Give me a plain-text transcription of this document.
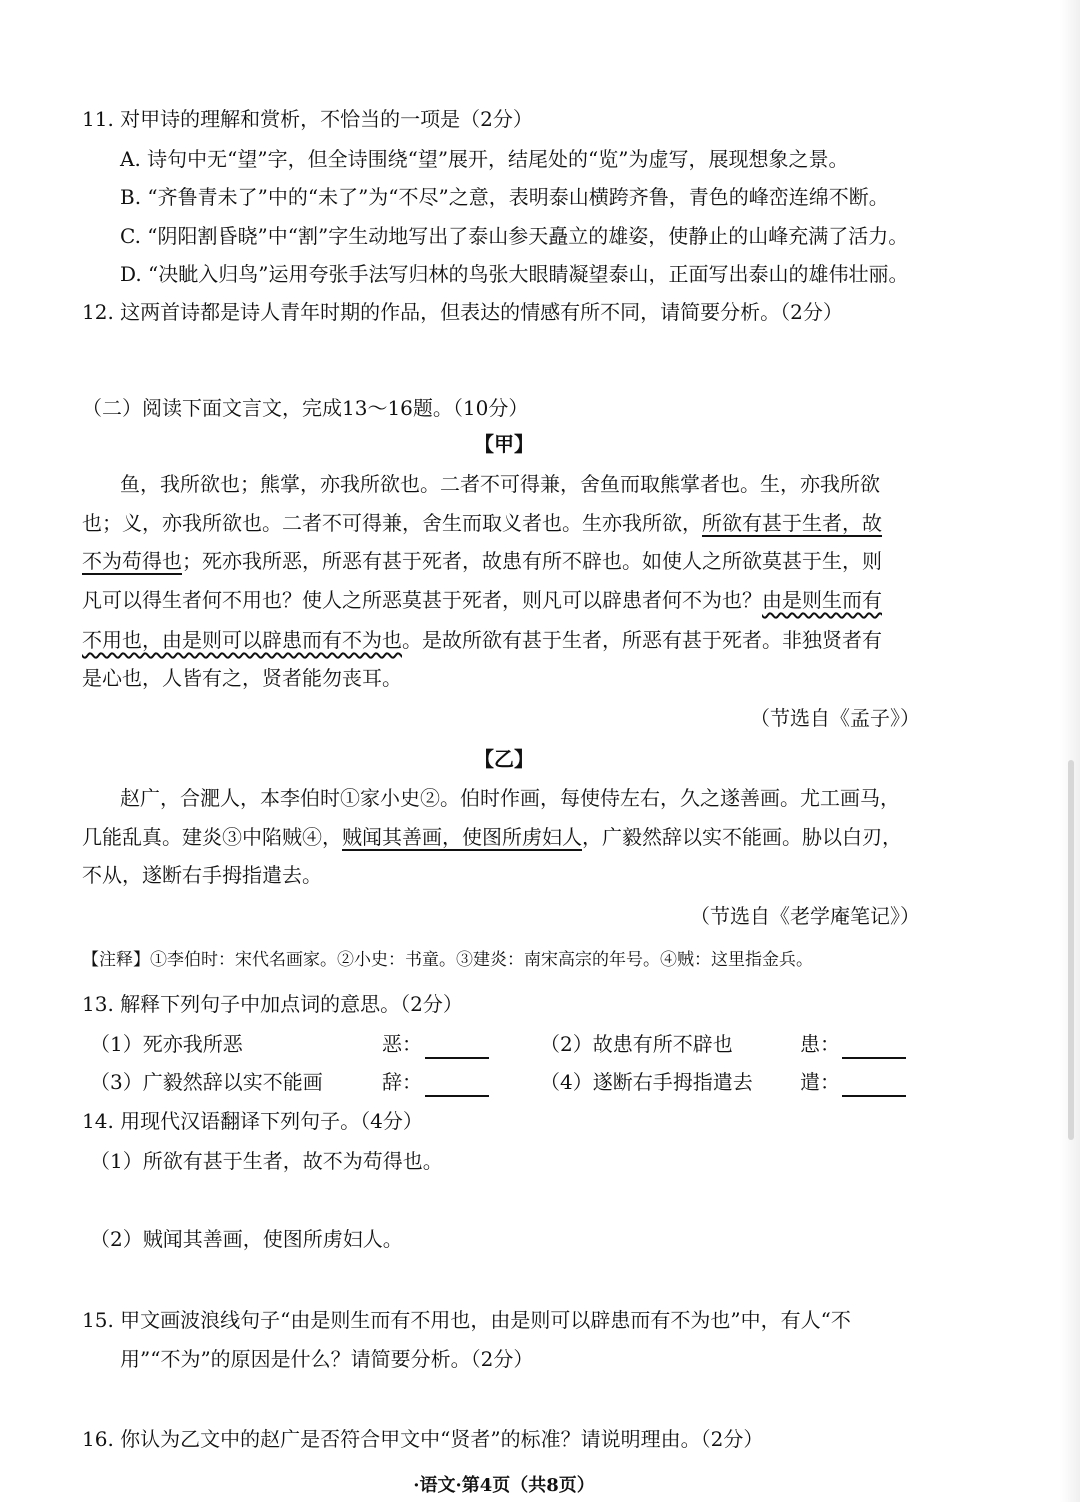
11. 对甲诗的理解和赏析，不恰当的一项是（2分）
A. 诗句中无“望”字，但全诗围绕“望”展开，结尾处的“览”为虚写，展现想象之景。
B. “齐鲁青未了”中的“未了”为“不尽”之意，表明泰山横跨齐鲁，青色的峰峦连绵不断。
C. “阴阳割昏晓”中“割”字生动地写出了泰山参天矗立的雄姿，使静止的山峰充满了活力。
D. “决眦入归鸟”运用夸张手法写归林的鸟张大眼睛凝望泰山，正面写出泰山的雄伟壮丽。
12. 这两首诗都是诗人青年时期的作品，但表达的情感有所不同，请简要分析。（2分）
（二）阅读下面文言文，完成13～16题。（10分）
【甲】
鱼，我所欲也；熊掌，亦我所欲也。二者不可得兼，舍鱼而取熊掌者也。生，亦我所欲
也；义，亦我所欲也。二者不可得兼，舍生而取义者也。生亦我所欲，所欲有甚于生者，故
不为苟得也；死亦我所恶，所恶有甚于死者，故患有所不辟也。如使人之所欲莫甚于生，则
凡可以得生者何不用也？使人之所恶莫甚于死者，则凡可以辟患者何不为也？由是则生而有
不用也，由是则可以辟患而有不为也。是故所欲有甚于生者，所恶有甚于死者。非独贤者有
是心也，人皆有之，贤者能勿丧耳。
（节选自《孟子》）
【乙】
赵广，合淝人，本李伯时①家小史②。伯时作画，每使侍左右，久之遂善画。尤工画马，
几能乱真。建炎③中陷贼④，贼闻其善画，使图所虏妇人，广毅然辞以实不能画。胁以白刃，
不从，遂断右手拇指遣去。
（节选自《老学庵笔记》）
【注释】①李伯时：宋代名画家。②小史：书童。③建炎：南宋高宗的年号。④贼：这里指金兵。
13. 解释下列句子中加点词的意思。（2分）
（1）死亦我所恶	恶：	（2）故患有所不辟也	患：
（3）广毅然辞以实不能画	辞：	（4）遂断右手拇指遣去 遣：
14. 用现代汉语翻译下列句子。（4分）
（1）所欲有甚于生者，故不为苟得也。
（2）贼闻其善画，使图所虏妇人。
15. 甲文画波浪线句子“由是则生而有不用也，由是则可以辟患而有不为也”中，有人“不
用”“不为”的原因是什么？请简要分析。（2分）
16. 你认为乙文中的赵广是否符合甲文中“贤者”的标准？请说明理由。（2分）
·语文·第4页（共8页）
